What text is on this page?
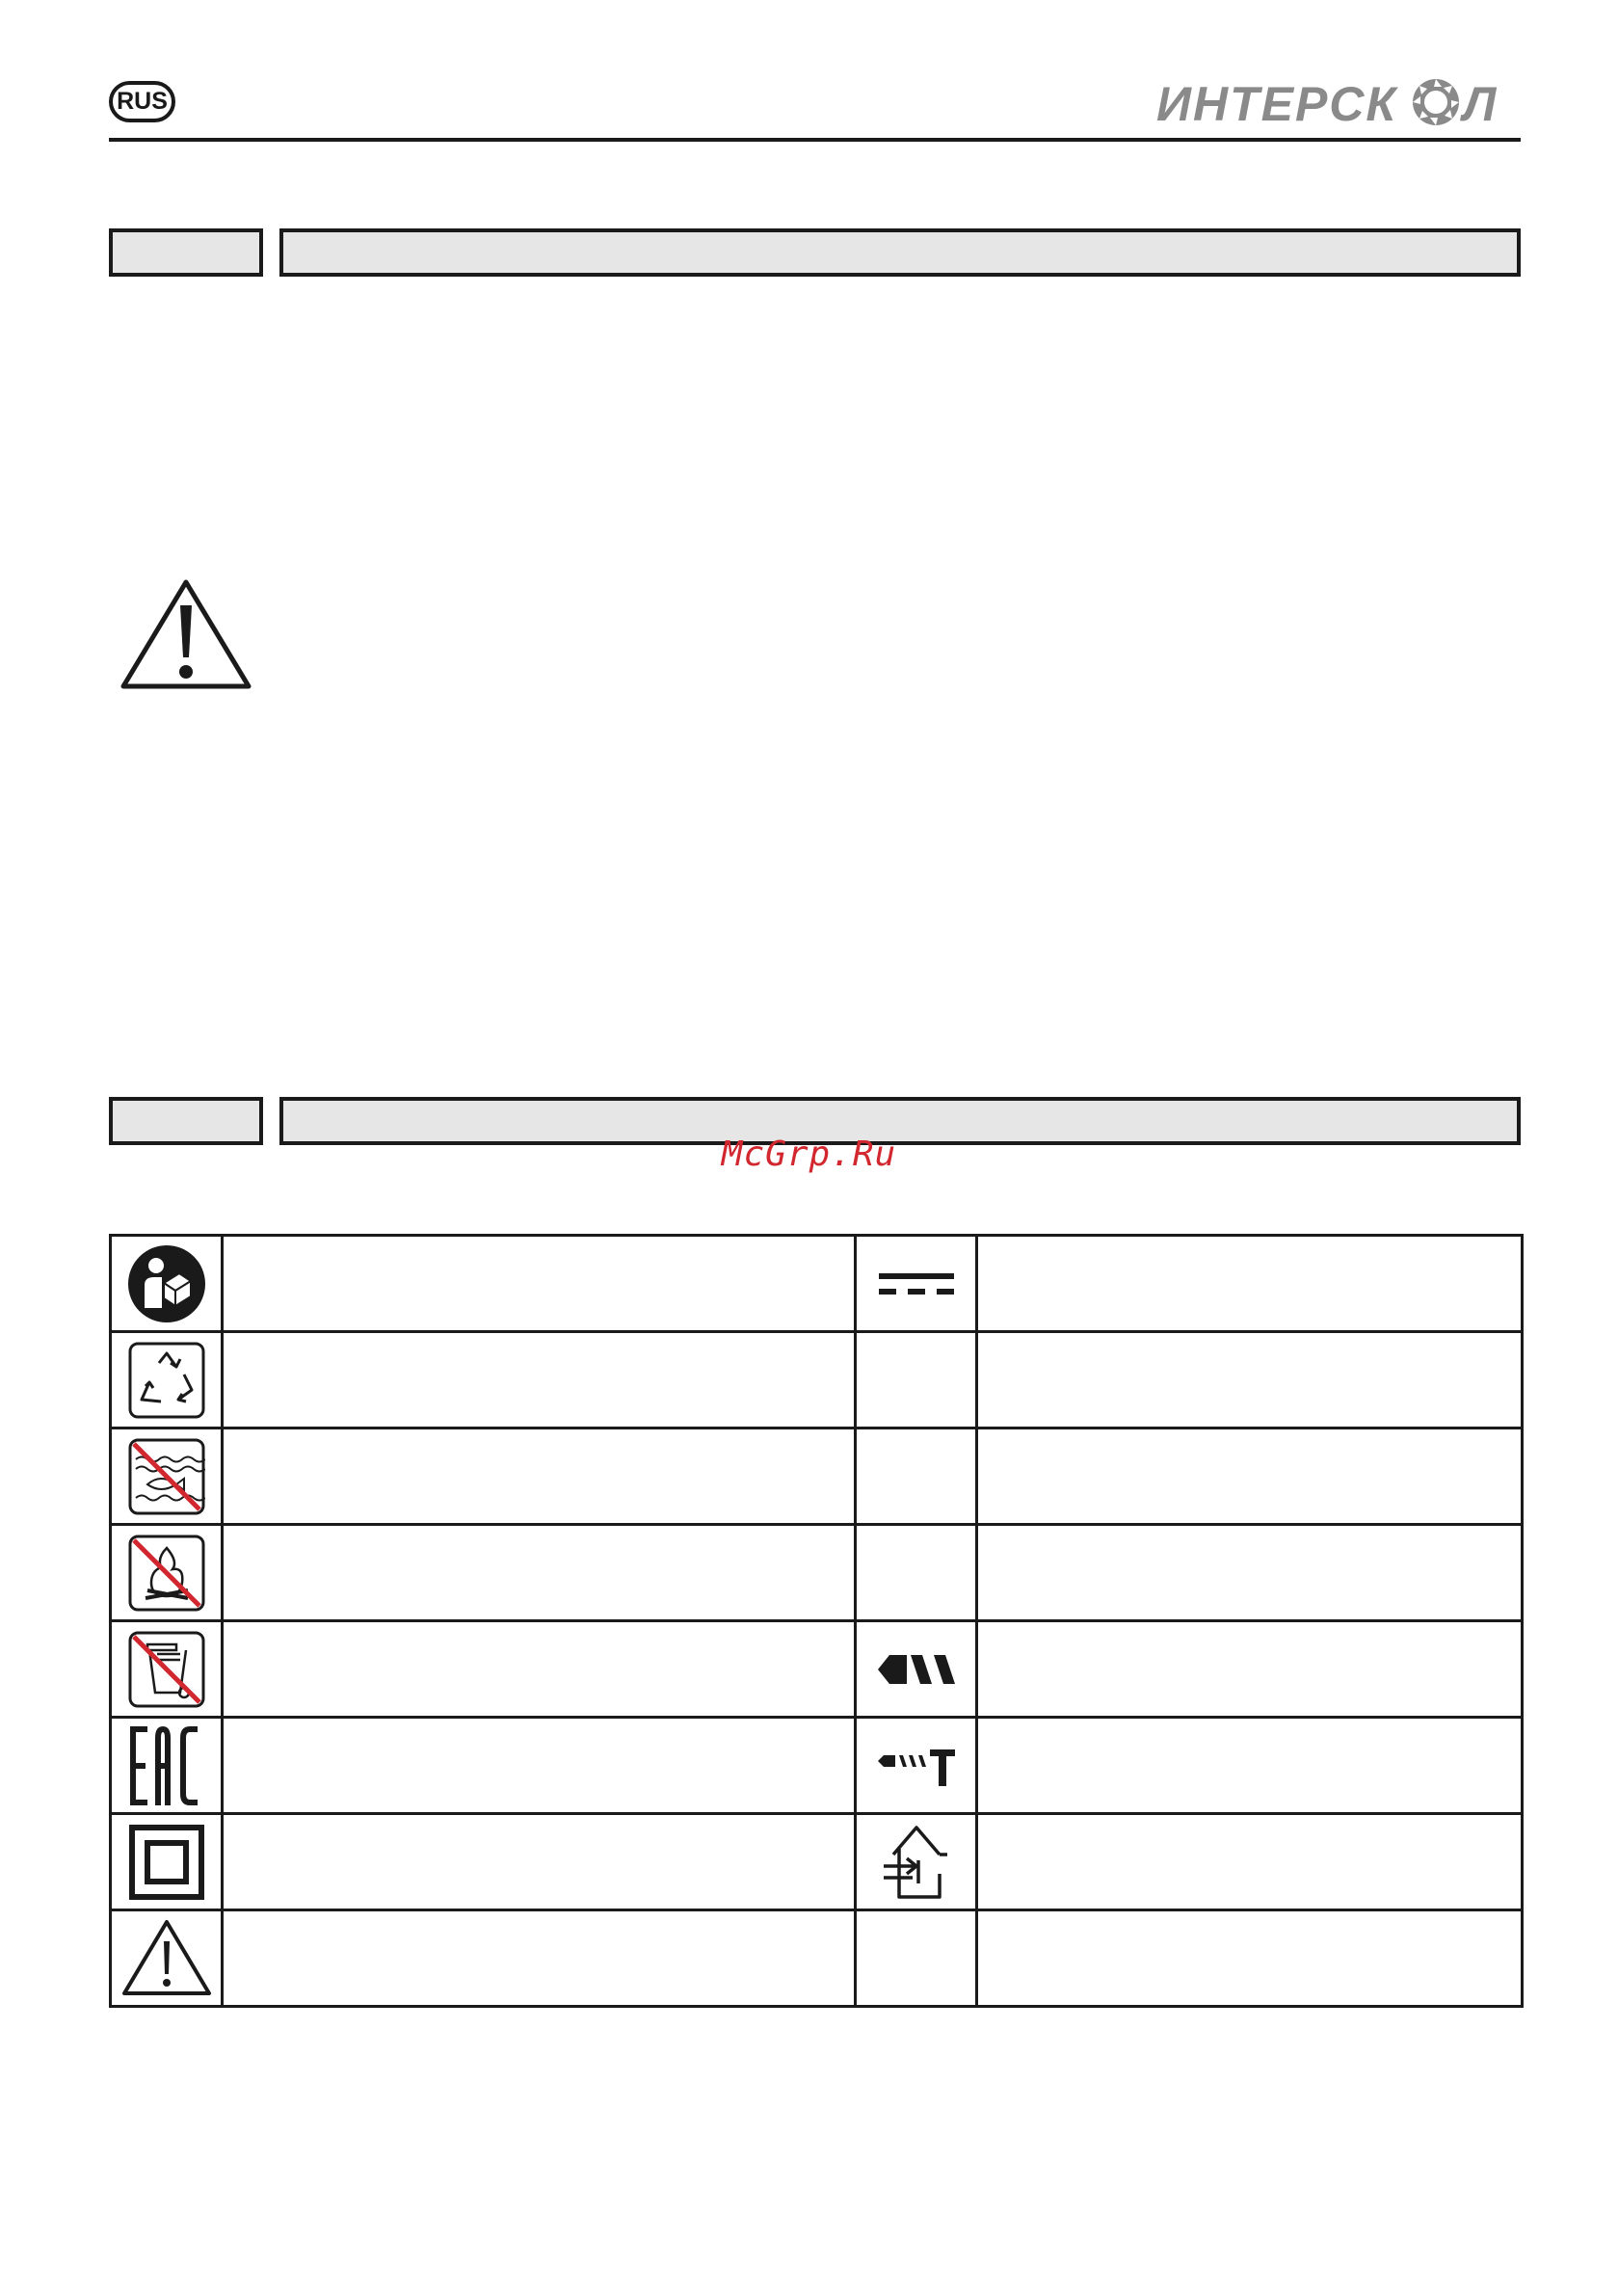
RUS	ИНТЕРСК Л
McGrp.Ru
